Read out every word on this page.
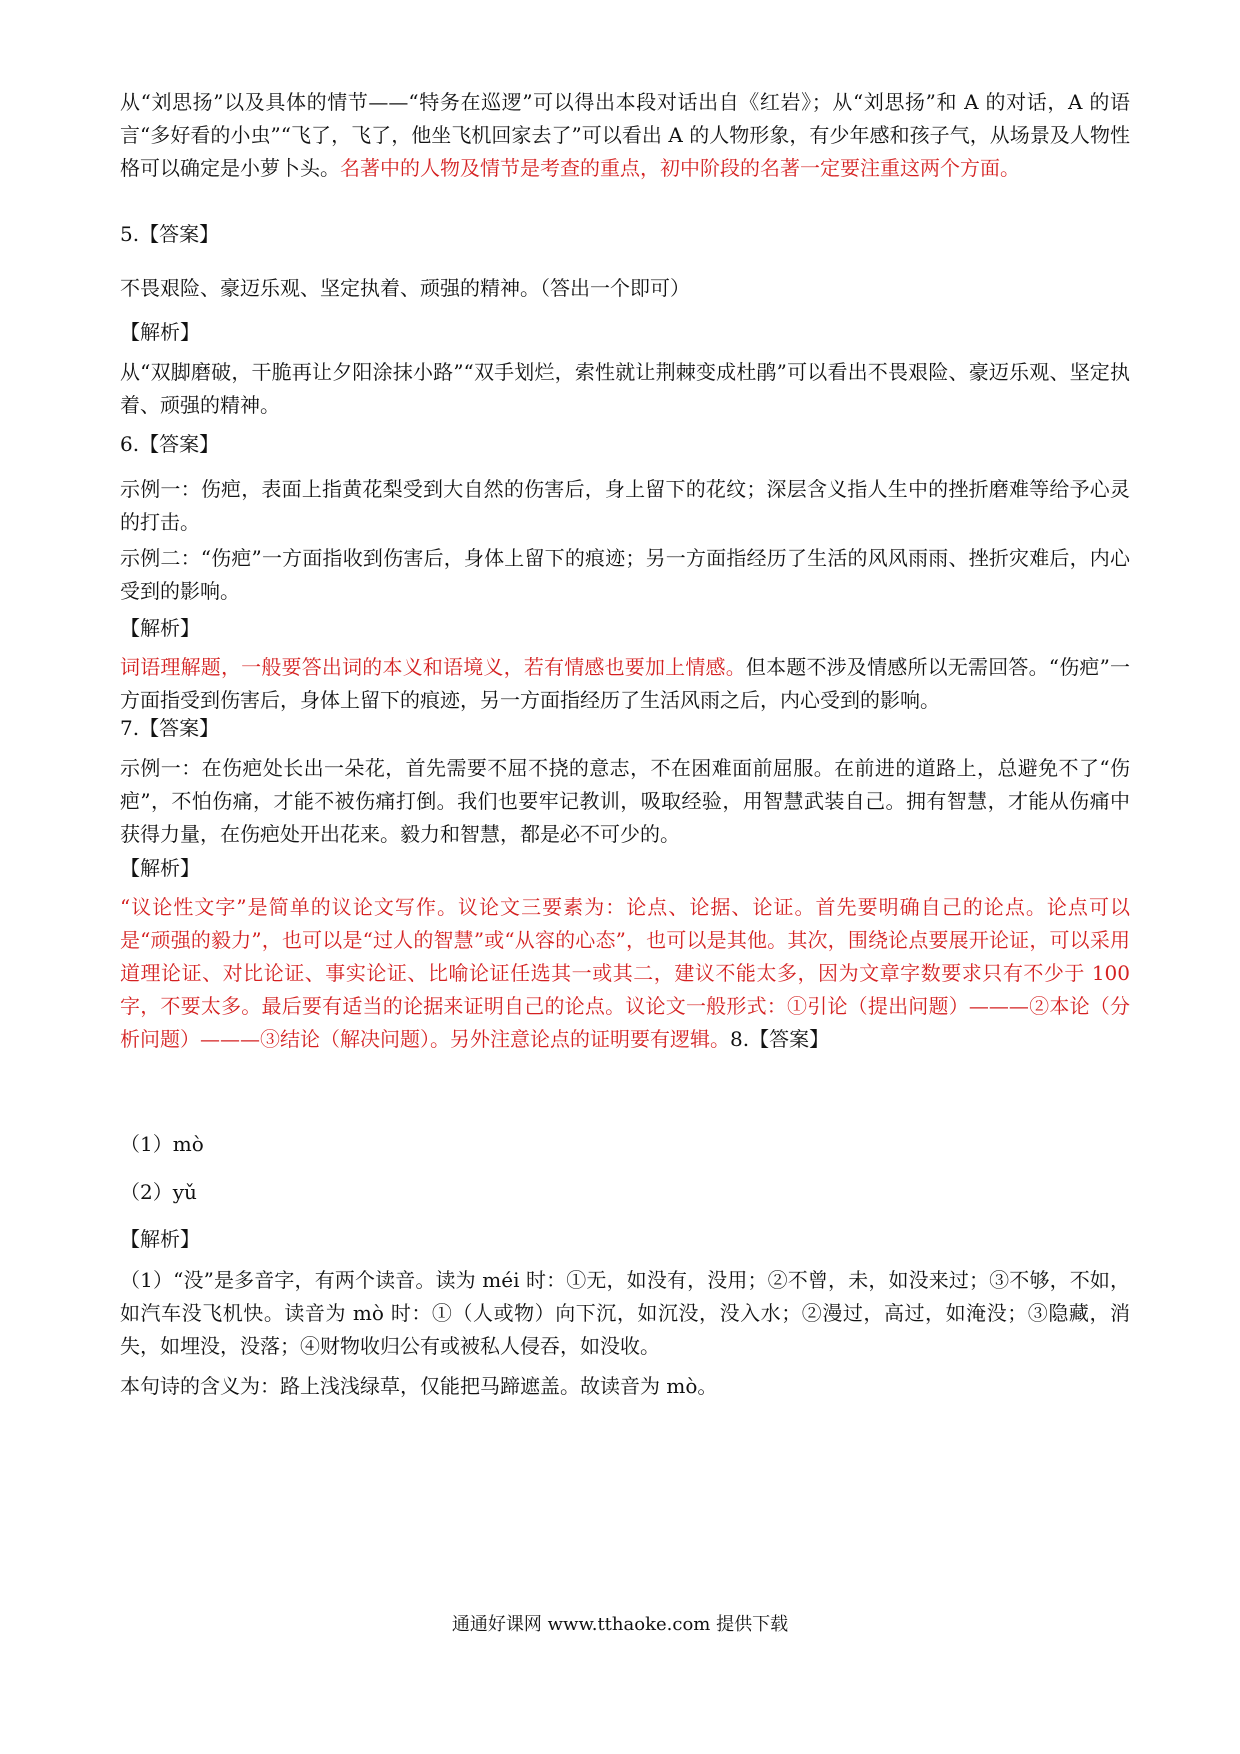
从“刘思扬”以及具体的情节——“特务在巡逻”可以得出本段对话出自《红岩》；从“刘思扬”和 A 的对话，A 的语言“多好看的小虫”“飞了，飞了，他坐飞机回家去了”可以看出 A 的人物形象，有少年感和孩子气，从场景及人物性格可以确定是小萝卜头。名著中的人物及情节是考查的重点，初中阶段的名著一定要注重这两个方面。

5.【答案】

不畏艰险、豪迈乐观、坚定执着、顽强的精神。（答出一个即可）

【解析】

从“双脚磨破，干脆再让夕阳涂抹小路”“双手划烂，索性就让荆棘变成杜鹃”可以看出不畏艰险、豪迈乐观、坚定执着、顽强的精神。

6.【答案】

示例一：伤疤，表面上指黄花梨受到大自然的伤害后，身上留下的花纹；深层含义指人生中的挫折磨难等给予心灵的打击。

示例二：“伤疤”一方面指收到伤害后，身体上留下的痕迹；另一方面指经历了生活的风风雨雨、挫折灾难后，内心受到的影响。

【解析】

词语理解题，一般要答出词的本义和语境义，若有情感也要加上情感。但本题不涉及情感所以无需回答。“伤疤”一方面指受到伤害后，身体上留下的痕迹，另一方面指经历了生活风雨之后，内心受到的影响。

7.【答案】

示例一：在伤疤处长出一朵花，首先需要不屈不挠的意志，不在困难面前屈服。在前进的道路上，总避免不了“伤疤”，不怕伤痛，才能不被伤痛打倒。我们也要牢记教训，吸取经验，用智慧武装自己。拥有智慧，才能从伤痛中获得力量，在伤疤处开出花来。毅力和智慧，都是必不可少的。

【解析】

“议论性文字”是简单的议论文写作。议论文三要素为：论点、论据、论证。首先要明确自己的论点。论点可以是“顽强的毅力”，也可以是“过人的智慧”或“从容的心态”，也可以是其他。其次，围绕论点要展开论证，可以采用道理论证、对比论证、事实论证、比喻论证任选其一或其二，建议不能太多，因为文章字数要求只有不少于 100 字，不要太多。最后要有适当的论据来证明自己的论点。议论文一般形式：①引论（提出问题）———②本论（分析问题）———③结论（解决问题）。另外注意论点的证明要有逻辑。8.【答案】

（1）mò

（2）yǔ

【解析】

（1）“没”是多音字，有两个读音。读为 méi 时：①无，如没有，没用；②不曾，未，如没来过；③不够，不如，如汽车没飞机快。读音为 mò 时：①（人或物）向下沉，如沉没，没入水；②漫过，高过，如淹没；③隐藏，消失，如埋没，没落；④财物收归公有或被私人侵吞，如没收。

本句诗的含义为：路上浅浅绿草，仅能把马蹄遮盖。故读音为 mò。

通通好课网 www.tthaoke.com 提供下载
